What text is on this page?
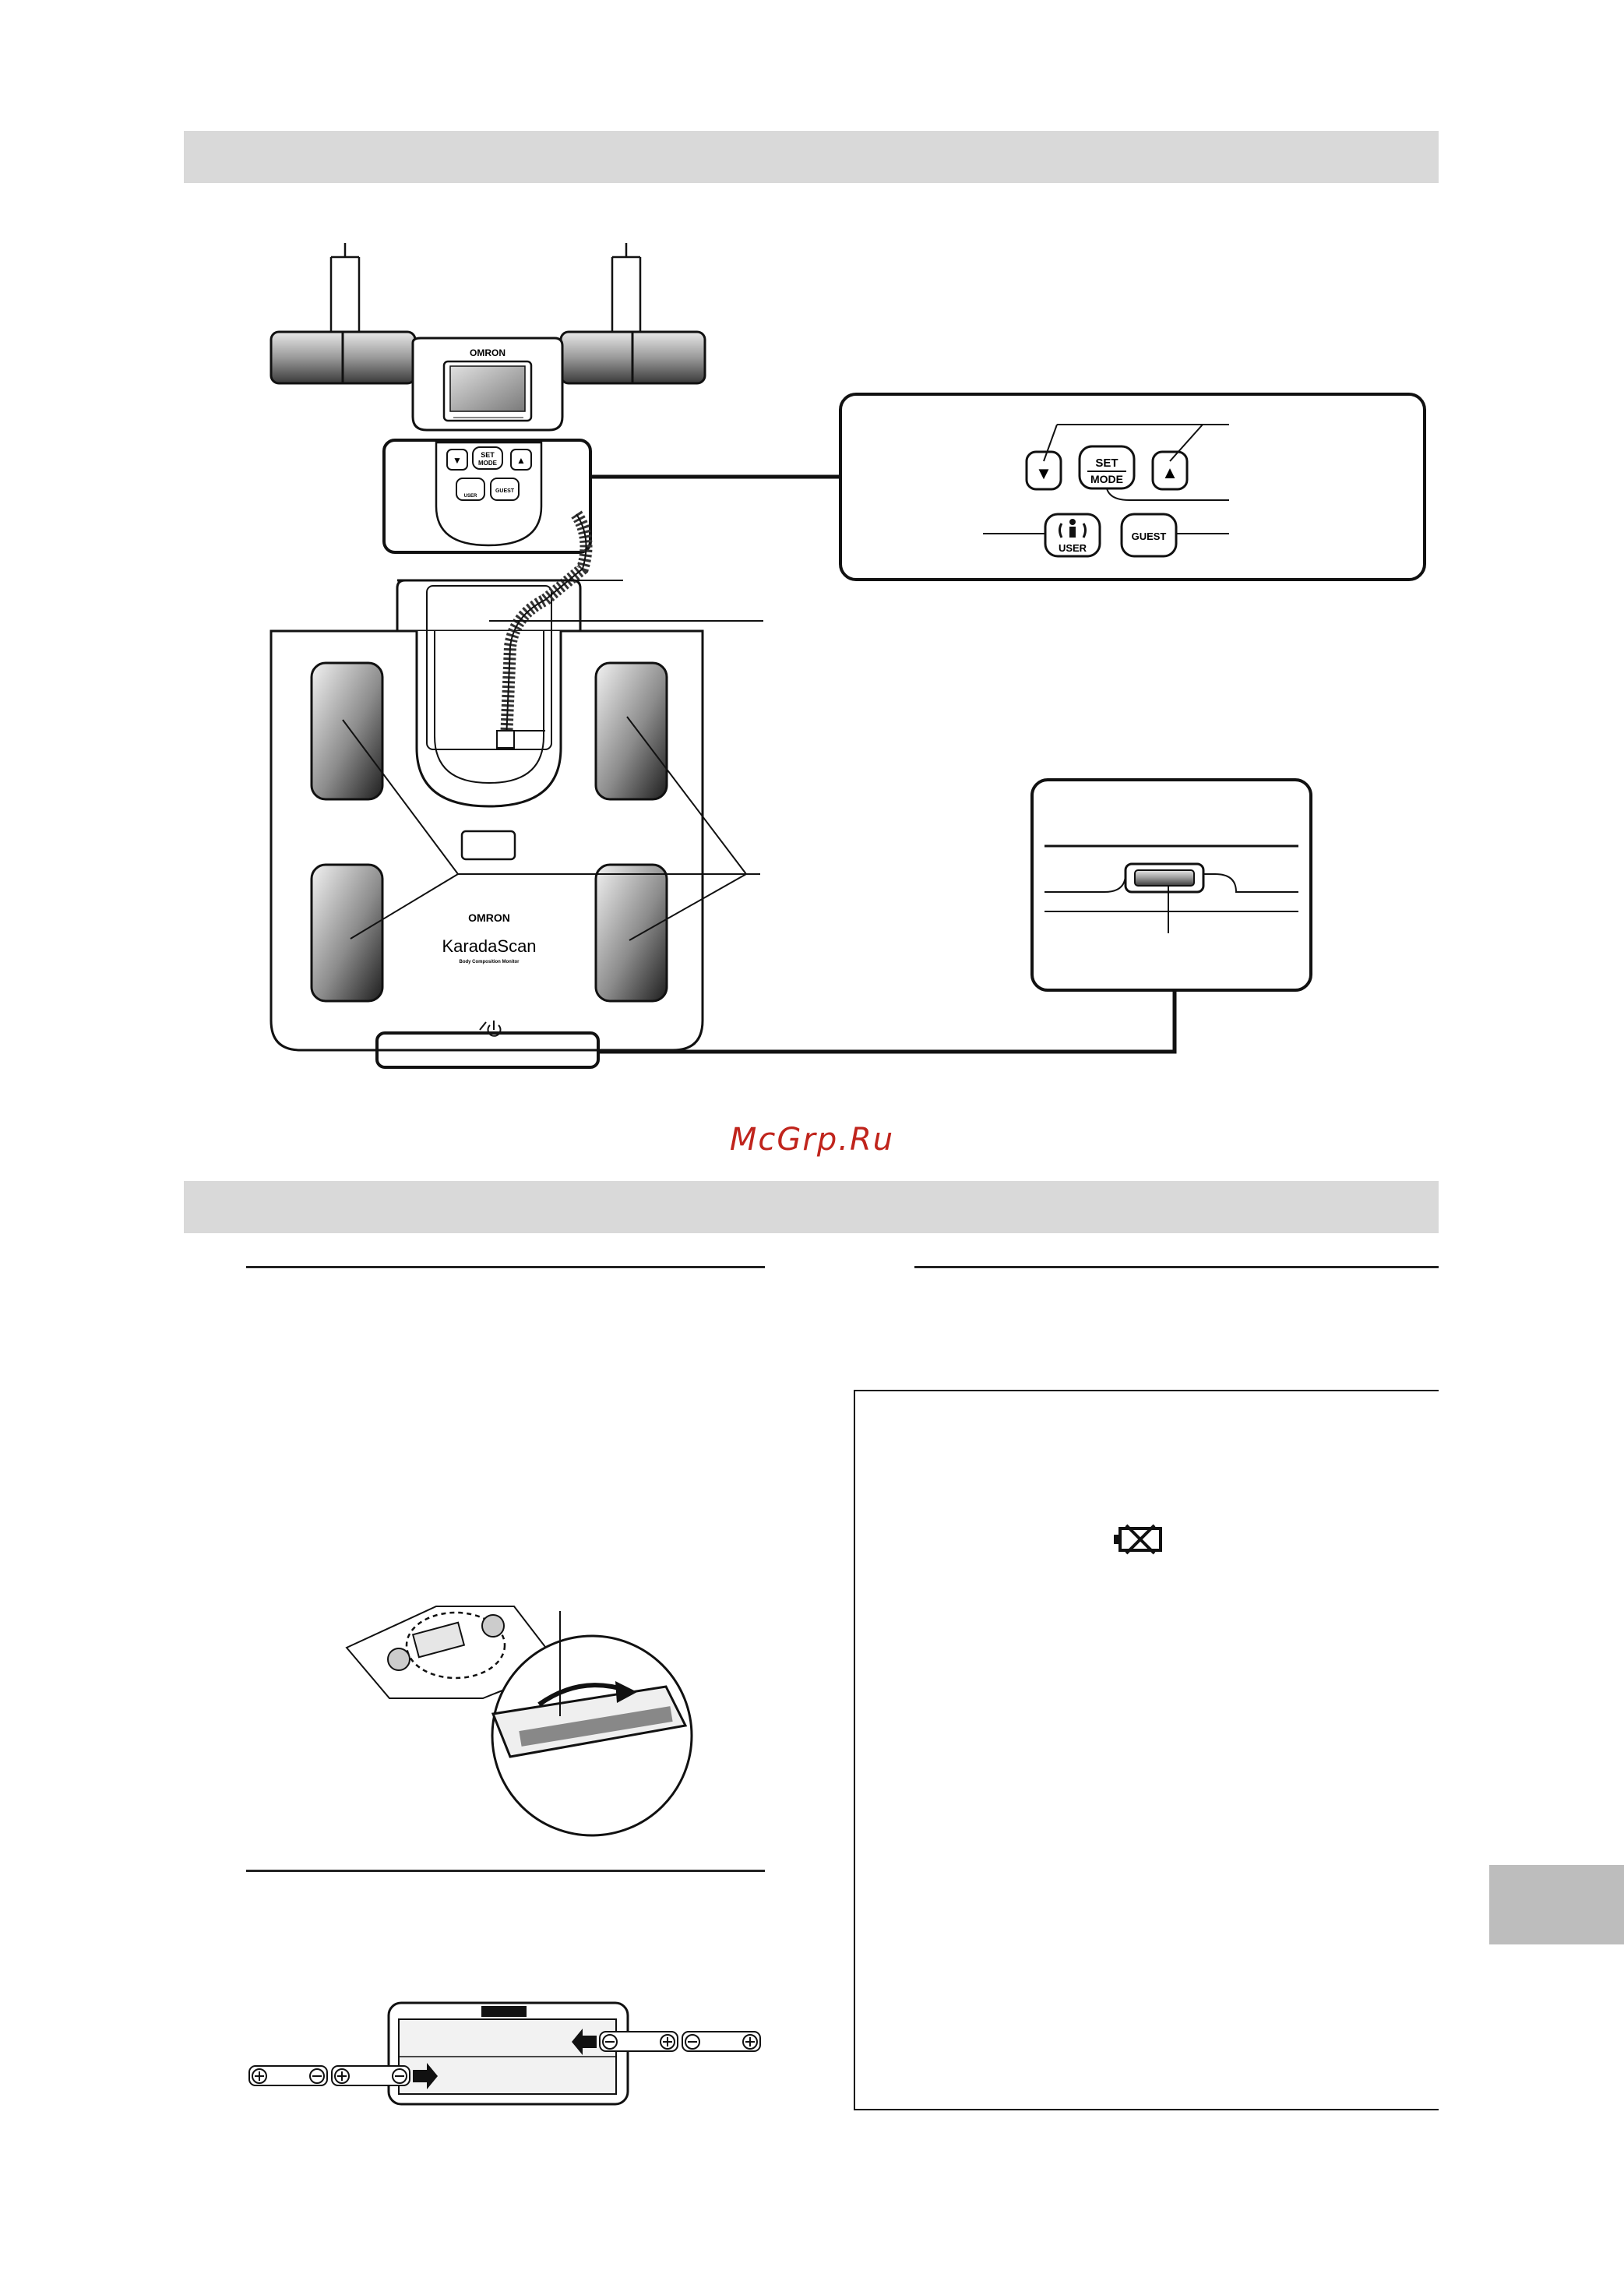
McGrp.Ru
OMRON
▼	SET
MODE ▲
USER
GUEST
▼
SET
MODE ▲
USER
GUEST
OMRON
KaradaScan
Body Composition Monitor
